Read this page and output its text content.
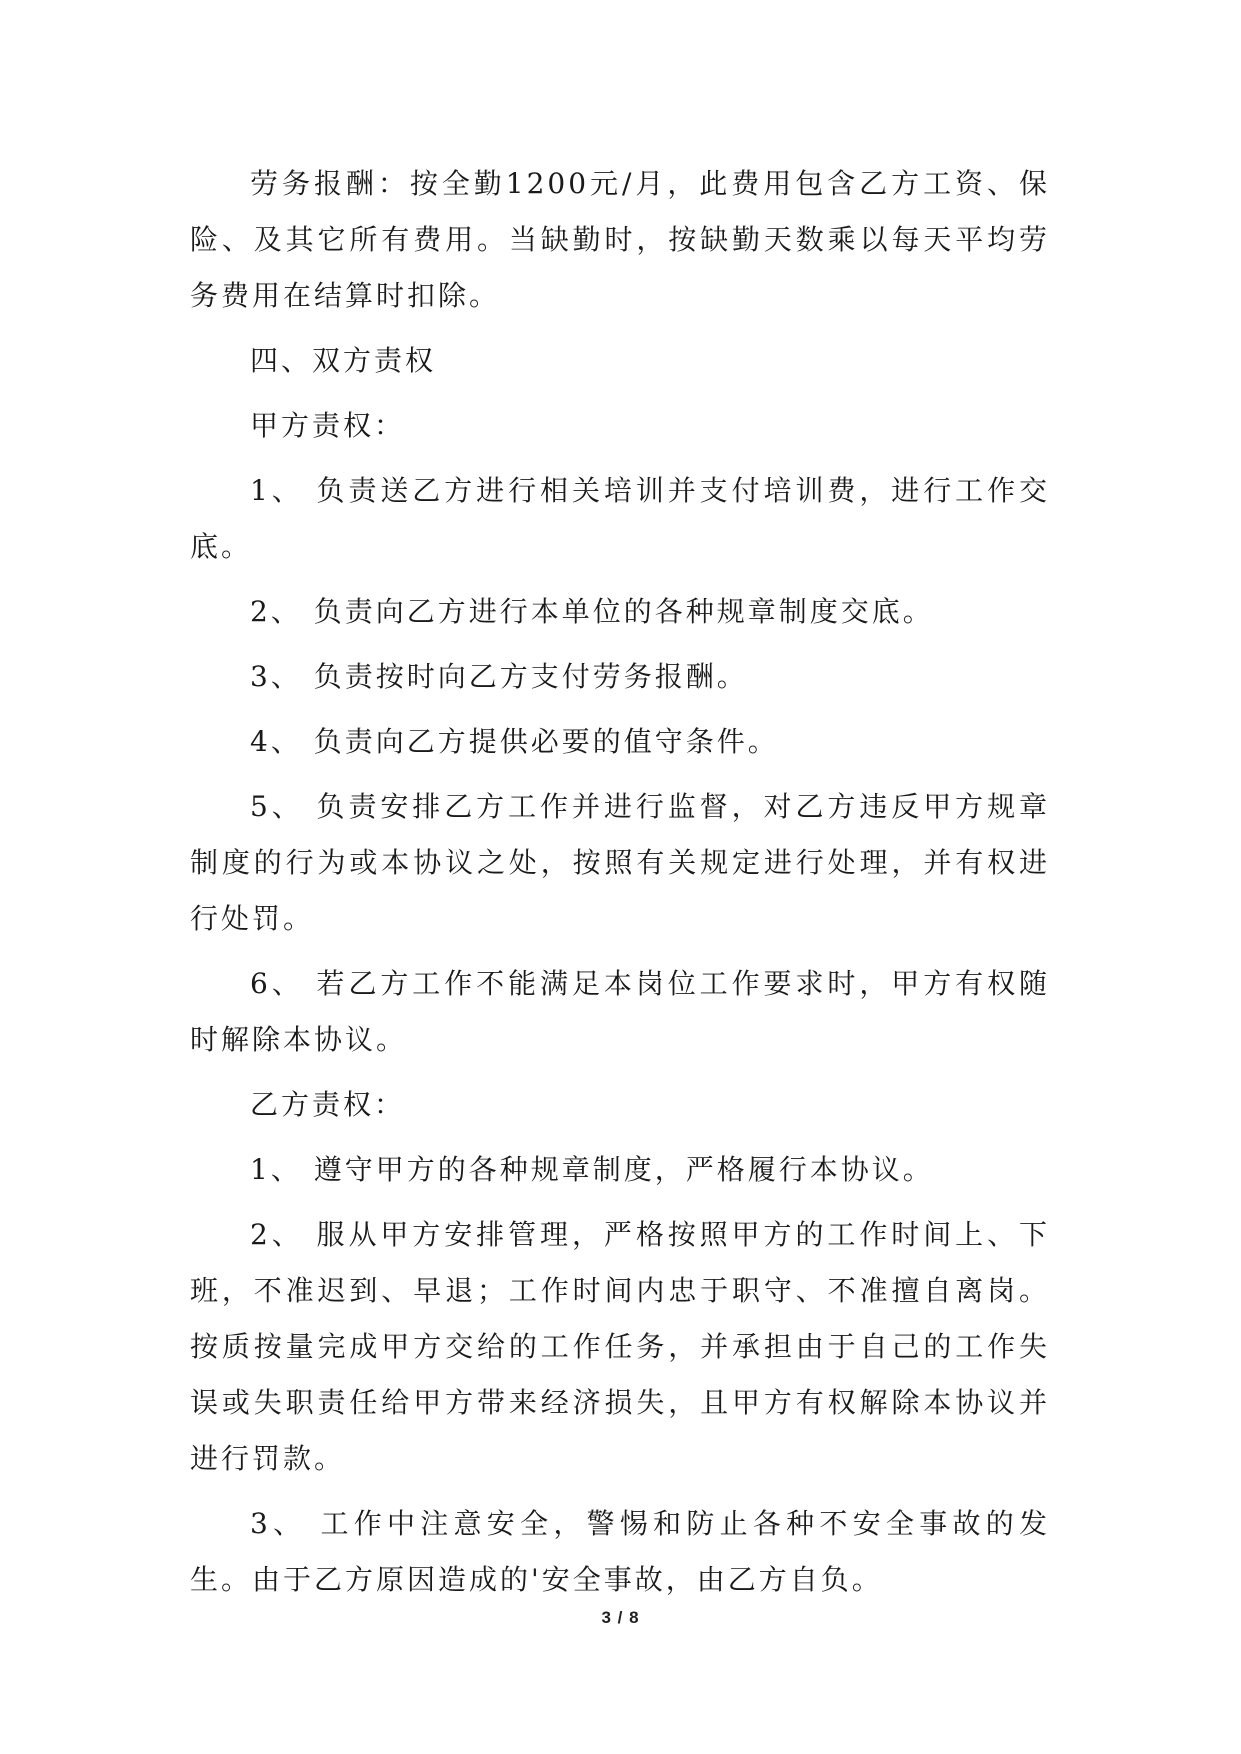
劳务报酬：按全勤1200元/月，此费用包含乙方工资、保险、及其它所有费用。当缺勤时，按缺勤天数乘以每天平均劳务费用在结算时扣除。

四、双方责权

甲方责权：

1、 负责送乙方进行相关培训并支付培训费，进行工作交底。

2、 负责向乙方进行本单位的各种规章制度交底。

3、 负责按时向乙方支付劳务报酬。

4、 负责向乙方提供必要的值守条件。

5、 负责安排乙方工作并进行监督，对乙方违反甲方规章制度的行为或本协议之处，按照有关规定进行处理，并有权进行处罚。

6、 若乙方工作不能满足本岗位工作要求时，甲方有权随时解除本协议。

乙方责权：

1、 遵守甲方的各种规章制度，严格履行本协议。

2、 服从甲方安排管理，严格按照甲方的工作时间上、下班，不准迟到、早退；工作时间内忠于职守、不准擅自离岗。按质按量完成甲方交给的工作任务，并承担由于自己的工作失误或失职责任给甲方带来经济损失，且甲方有权解除本协议并进行罚款。

3、 工作中注意安全，警惕和防止各种不安全事故的发生。由于乙方原因造成的'安全事故，由乙方自负。

3 / 8
